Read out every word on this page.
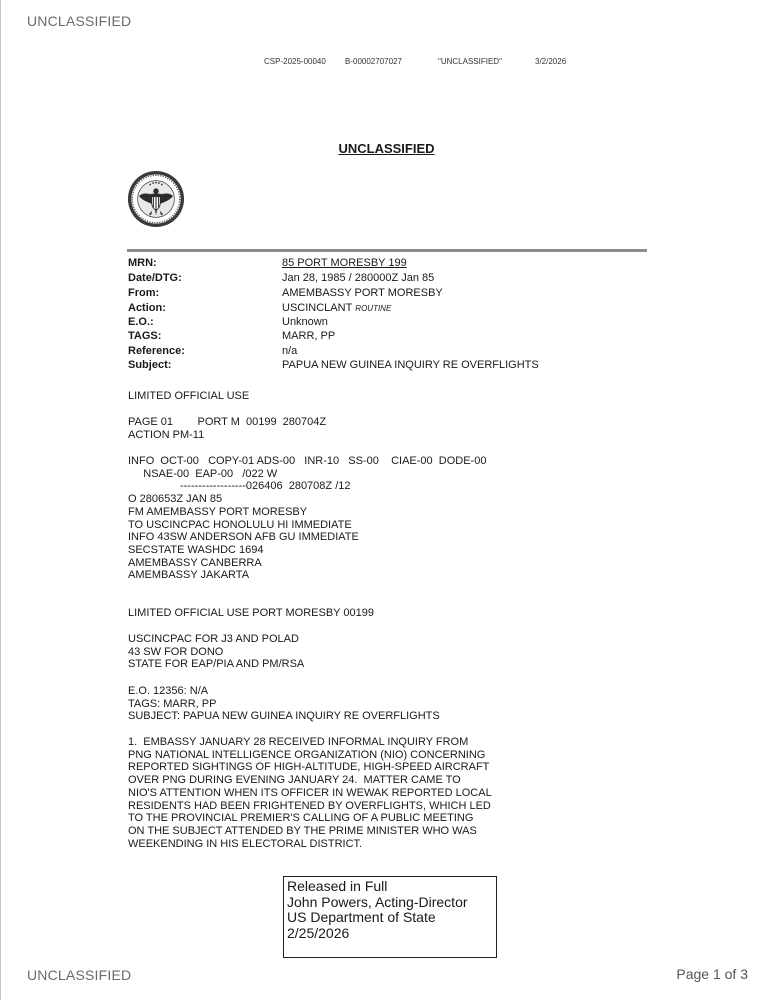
UNCLASSIFIED
CSP-2025-00040 B-00002707027	"UNCLASSIFIED"	3/2/2026
UNCLASSIFIED
MRN:	85 PORT MORESBY 199
Date/DTG:	Jan 28, 1985 / 280000Z Jan 85
From:	AMEMBASSY PORT MORESBY
Action:	USCINCLANT ROUTINE
E.O.:	Unknown
TAGS:	MARR, PP
Reference:	n/a
Subject:	PAPUA NEW GUINEA INQUIRY RE OVERFLIGHTS

LIMITED OFFICIAL USE

PAGE 01        PORT M  00199  280704Z
ACTION PM-11

INFO  OCT-00   COPY-01 ADS-00   INR-10   SS-00    CIAE-00  DODE-00
NSAE-00  EAP-00   /022 W
------------------026406  280708Z /12
O 280653Z JAN 85
FM AMEMBASSY PORT MORESBY
TO USCINCPAC HONOLULU HI IMMEDIATE
INFO 43SW ANDERSON AFB GU IMMEDIATE
SECSTATE WASHDC 1694
AMEMBASSY CANBERRA
AMEMBASSY JAKARTA

LIMITED OFFICIAL USE PORT MORESBY 00199

USCINCPAC FOR J3 AND POLAD
43 SW FOR DONO
STATE FOR EAP/PIA AND PM/RSA

E.O. 12356: N/A
TAGS: MARR, PP
SUBJECT: PAPUA NEW GUINEA INQUIRY RE OVERFLIGHTS

1.  EMBASSY JANUARY 28 RECEIVED INFORMAL INQUIRY FROM
PNG NATIONAL INTELLIGENCE ORGANIZATION (NIO) CONCERNING
REPORTED SIGHTINGS OF HIGH-ALTITUDE, HIGH-SPEED AIRCRAFT
OVER PNG DURING EVENING JANUARY 24.  MATTER CAME TO
NIO'S ATTENTION WHEN ITS OFFICER IN WEWAK REPORTED LOCAL
RESIDENTS HAD BEEN FRIGHTENED BY OVERFLIGHTS, WHICH LED
TO THE PROVINCIAL PREMIER'S CALLING OF A PUBLIC MEETING
ON THE SUBJECT ATTENDED BY THE PRIME MINISTER WHO WAS
WEEKENDING IN HIS ELECTORAL DISTRICT.

Released in Full
John Powers, Acting-Director
US Department of State
2/25/2026

UNCLASSIFIED	Page 1 of 3
